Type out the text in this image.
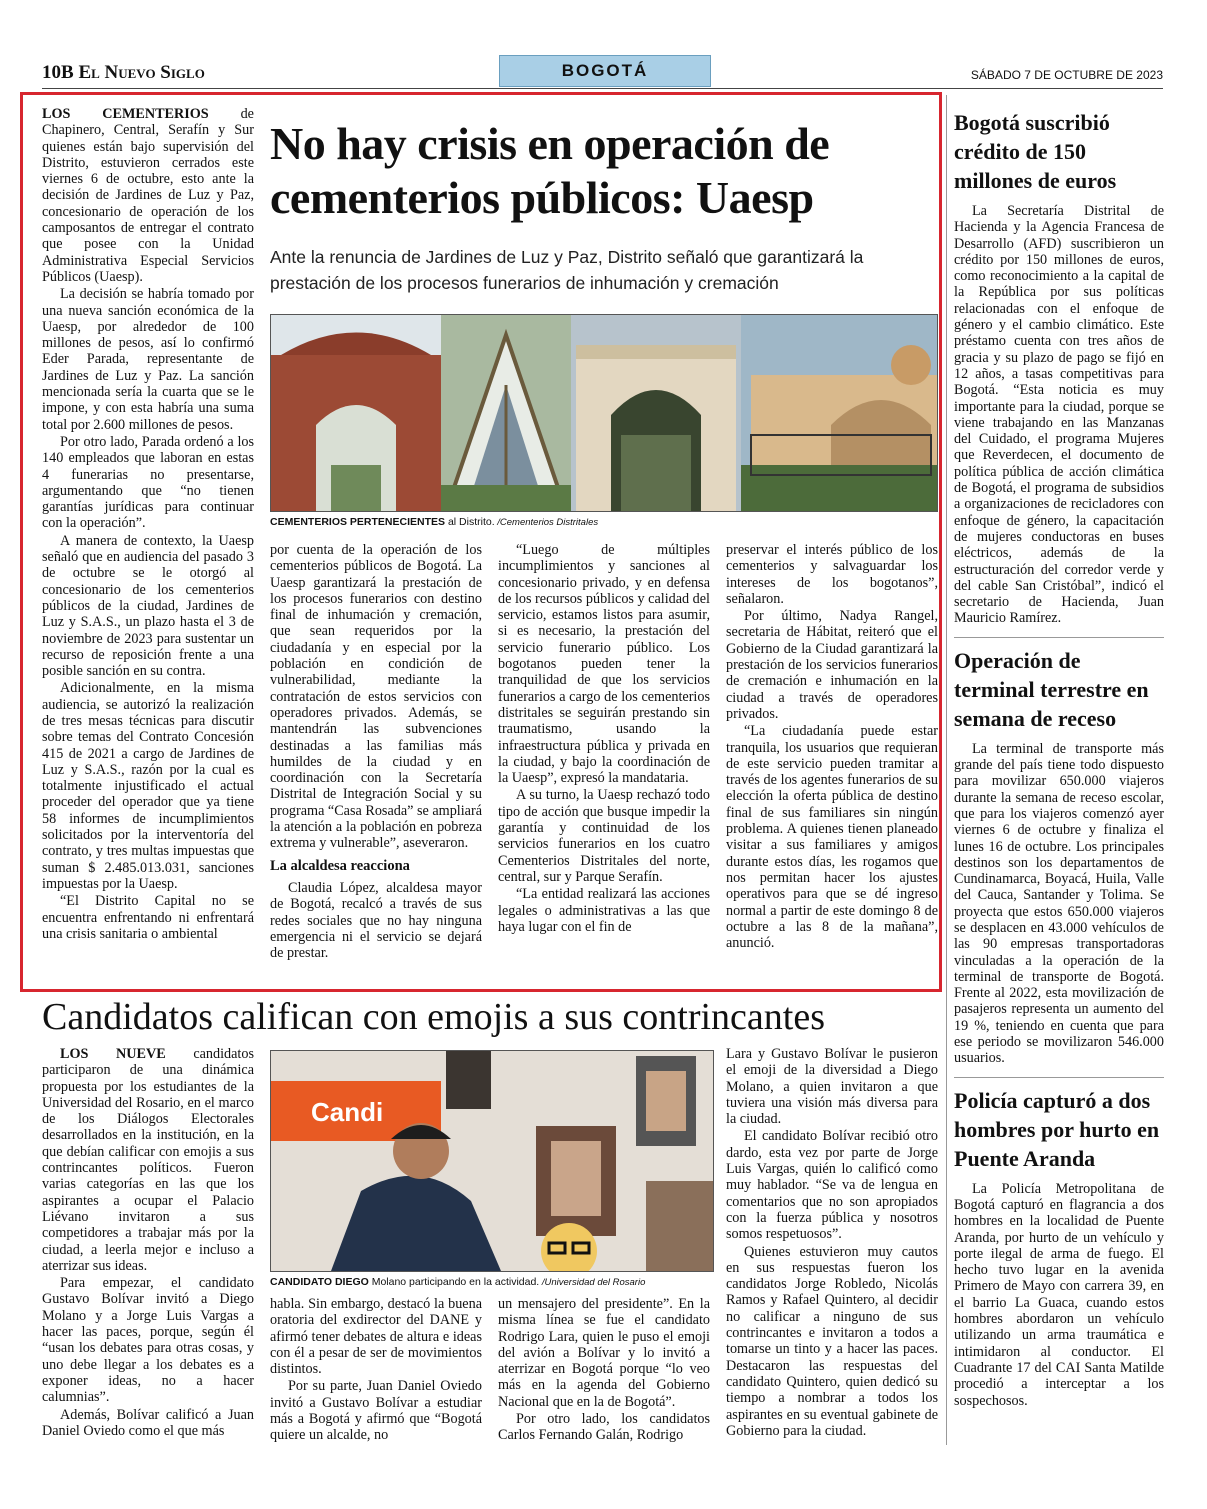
10B El Nuevo Siglo	BOGOTÁ	SÁBADO 7 DE OCTUBRE DE 2023

LOS CEMENTERIOS de Chapinero, Central, Serafín y Sur quienes están bajo supervisión del Distrito, estuvieron cerrados este viernes 6 de octubre, esto ante la decisión de Jardines de Luz y Paz, concesionario de operación de los camposantos de entregar el contrato que posee con la Unidad Administrativa Especial Servicios Públicos (Uaesp).

La decisión se habría tomado por una nueva sanción económica de la Uaesp, por alrededor de 100 millones de pesos, así lo confirmó Eder Parada, representante de Jardines de Luz y Paz. La sanción mencionada sería la cuarta que se le impone, y con esta habría una suma total por 2.600 millones de pesos.

Por otro lado, Parada ordenó a los 140 empleados que laboran en estas 4 funerarias no presentarse, argumentando que “no tienen garantías jurídicas para continuar con la operación”.

A manera de contexto, la Uaesp señaló que en audiencia del pasado 3 de octubre se le otorgó al concesionario de los cementerios públicos de la ciudad, Jardines de Luz y S.A.S., un plazo hasta el 3 de noviembre de 2023 para sustentar un recurso de reposición frente a una posible sanción en su contra.

Adicionalmente, en la misma audiencia, se autorizó la realización de tres mesas técnicas para discutir sobre temas del Contrato Concesión 415 de 2021 a cargo de Jardines de Luz y S.A.S., razón por la cual es totalmente injustificado el actual proceder del operador que ya tiene 58 informes de incumplimientos solicitados por la interventoría del contrato, y tres multas impuestas que suman $ 2.485.013.031, sanciones impuestas por la Uaesp.

“El Distrito Capital no se encuentra enfrentando ni enfrentará una crisis sanitaria o ambiental

No hay crisis en operación de cementerios públicos: Uaesp
Ante la renuncia de Jardines de Luz y Paz, Distrito señaló que garantizará la prestación de los procesos funerarios de inhumación y cremación
CEMENTERIOS PERTENECIENTES al Distrito. /Cementerios Distritales

por cuenta de la operación de los cementerios públicos de Bogotá. La Uaesp garantizará la prestación de los procesos funerarios con destino final de inhumación y cremación, que sean requeridos por la ciudadanía y en especial por la población en condición de vulnerabilidad, mediante la contratación de estos servicios con operadores privados. Además, se mantendrán las subvenciones destinadas a las familias más humildes de la ciudad y en coordinación con la Secretaría Distrital de Integración Social y su programa “Casa Rosada” se ampliará la atención a la población en pobreza extrema y vulnerable”, aseveraron.

La alcaldesa reacciona

Claudia López, alcaldesa mayor de Bogotá, recalcó a través de sus redes sociales que no hay ninguna emergencia ni el servicio se dejará de prestar.

“Luego de múltiples incumplimientos y sanciones al concesionario privado, y en defensa de los recursos públicos y calidad del servicio, estamos listos para asumir, si es necesario, la prestación del servicio funerario público. Los bogotanos pueden tener la tranquilidad de que los servicios funerarios a cargo de los cementerios distritales se seguirán prestando sin traumatismo, usando la infraestructura pública y privada en la ciudad, y bajo la coordinación de la Uaesp”, expresó la mandataria.

A su turno, la Uaesp rechazó todo tipo de acción que busque impedir la garantía y continuidad de los servicios funerarios en los cuatro Cementerios Distritales del norte, central, sur y Parque Serafín.

“La entidad realizará las acciones legales o administrativas a las que haya lugar con el fin de

preservar el interés público de los cementerios y salvaguardar los intereses de los bogotanos”, señalaron.

Por último, Nadya Rangel, secretaria de Hábitat, reiteró que el Gobierno de la Ciudad garantizará la prestación de los servicios funerarios de cremación e inhumación en la ciudad a través de operadores privados.

“La ciudadanía puede estar tranquila, los usuarios que requieran de este servicio pueden tramitar a través de los agentes funerarios de su elección la oferta pública de destino final de sus familiares sin ningún problema. A quienes tienen planeado visitar a sus familiares y amigos durante estos días, les rogamos que nos permitan hacer los ajustes operativos para que se dé ingreso normal a partir de este domingo 8 de octubre a las 8 de la mañana”, anunció.

Candidatos califican con emojis a sus contrincantes

LOS NUEVE candidatos participaron de una dinámica propuesta por los estudiantes de la Universidad del Rosario, en el marco de los Diálogos Electorales desarrollados en la institución, en la que debían calificar con emojis a sus contrincantes políticos. Fueron varias categorías en las que los aspirantes a ocupar el Palacio Liévano invitaron a sus competidores a trabajar más por la ciudad, a leerla mejor e incluso a aterrizar sus ideas.

Para empezar, el candidato Gustavo Bolívar invitó a Diego Molano y a Jorge Luis Vargas a hacer las paces, porque, según él “usan los debates para otras cosas, y uno debe llegar a los debates es a exponer ideas, no a hacer calumnias”.

Además, Bolívar calificó a Juan Daniel Oviedo como el que más

Candi
CANDIDATO DIEGO Molano participando en la actividad. /Universidad del Rosario

habla. Sin embargo, destacó la buena oratoria del exdirector del DANE y afirmó tener debates de altura e ideas con él a pesar de ser de movimientos distintos.

Por su parte, Juan Daniel Oviedo invitó a Gustavo Bolívar a estudiar más a Bogotá y afirmó que “Bogotá quiere un alcalde, no

un mensajero del presidente”. En la misma línea se fue el candidato Rodrigo Lara, quien le puso el emoji del avión a Bolívar y lo invitó a aterrizar en Bogotá porque “lo veo más en la agenda del Gobierno Nacional que en la de Bogotá”.

Por otro lado, los candidatos Carlos Fernando Galán, Rodrigo

Lara y Gustavo Bolívar le pusieron el emoji de la diversidad a Diego Molano, a quien invitaron a que tuviera una visión más diversa para la ciudad.

El candidato Bolívar recibió otro dardo, esta vez por parte de Jorge Luis Vargas, quién lo calificó como muy hablador. “Se va de lengua en comentarios que no son apropiados con la fuerza pública y nosotros somos respetuosos”.

Quienes estuvieron muy cautos en sus respuestas fueron los candidatos Jorge Robledo, Nicolás Ramos y Rafael Quintero, al decidir no calificar a ninguno de sus contrincantes e invitaron a todos a tomarse un tinto y a hacer las paces. Destacaron las respuestas del candidato Quintero, quien dedicó su tiempo a nombrar a todos los aspirantes en su eventual gabinete de Gobierno para la ciudad.

Bogotá suscribió crédito de 150 millones de euros

La Secretaría Distrital de Hacienda y la Agencia Francesa de Desarrollo (AFD) suscribieron un crédito por 150 millones de euros, como reconocimiento a la capital de la República por sus políticas relacionadas con el enfoque de género y el cambio climático. Este préstamo cuenta con tres años de gracia y su plazo de pago se fijó en 12 años, a tasas competitivas para Bogotá. “Esta noticia es muy importante para la ciudad, porque se viene trabajando en las Manzanas del Cuidado, el programa Mujeres que Reverdecen, el documento de política pública de acción climática de Bogotá, el programa de subsidios a organizaciones de recicladores con enfoque de género, la capacitación de mujeres conductoras en buses eléctricos, además de la estructuración del corredor verde y del cable San Cristóbal”, indicó el secretario de Hacienda, Juan Mauricio Ramírez.

Operación de terminal terrestre en semana de receso

La terminal de transporte más grande del país tiene todo dispuesto para movilizar 650.000 viajeros durante la semana de receso escolar, que para los viajeros comenzó ayer viernes 6 de octubre y finaliza el lunes 16 de octubre. Los principales destinos son los departamentos de Cundinamarca, Boyacá, Huila, Valle del Cauca, Santander y Tolima. Se proyecta que estos 650.000 viajeros se desplacen en 43.000 vehículos de las 90 empresas transportadoras vinculadas a la operación de la terminal de transporte de Bogotá. Frente al 2022, esta movilización de pasajeros representa un aumento del 19 %, teniendo en cuenta que para ese periodo se movilizaron 546.000 usuarios.

Policía capturó a dos hombres por hurto en Puente Aranda

La Policía Metropolitana de Bogotá capturó en flagrancia a dos hombres en la localidad de Puente Aranda, por hurto de un vehículo y porte ilegal de arma de fuego. El hecho tuvo lugar en la avenida Primero de Mayo con carrera 39, en el barrio La Guaca, cuando estos hombres abordaron un vehículo utilizando un arma traumática e intimidaron al conductor. El Cuadrante 17 del CAI Santa Matilde procedió a interceptar a los sospechosos.
